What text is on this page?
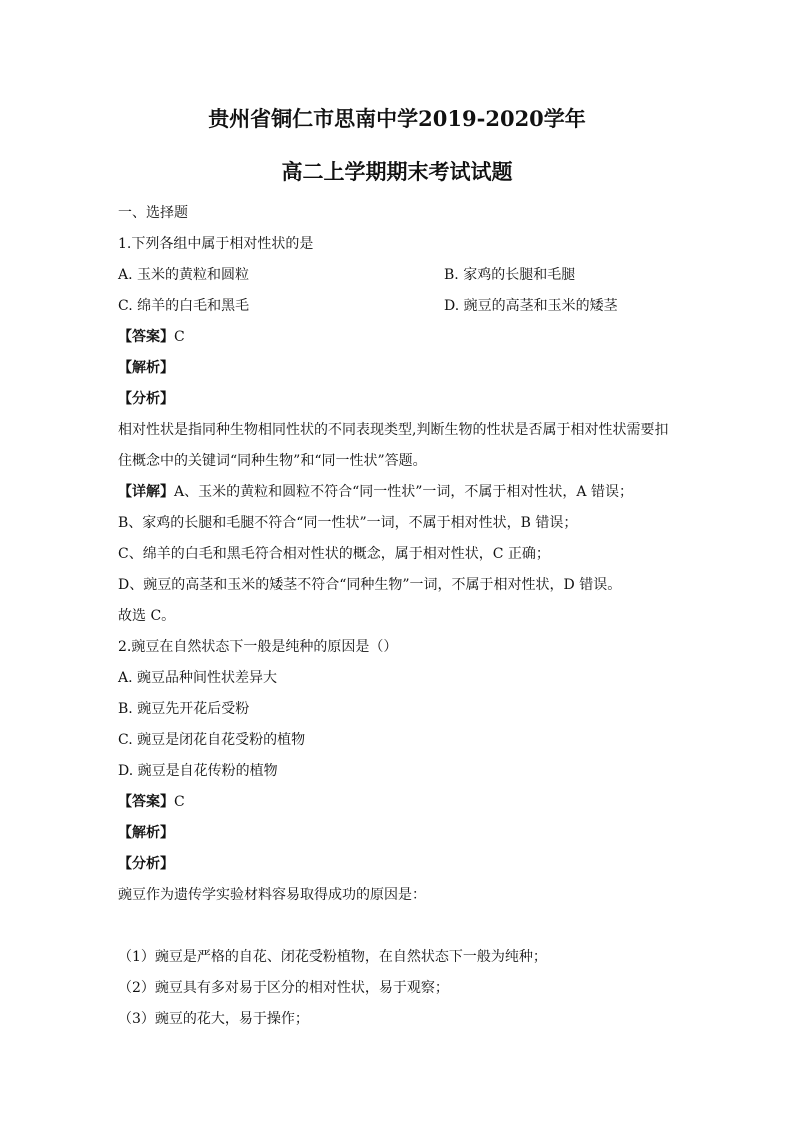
贵州省铜仁市思南中学2019-2020学年
高二上学期期末考试试题

一、选择题

1.下列各组中属于相对性状的是

A. 玉米的黄粒和圆粒	B. 家鸡的长腿和毛腿
C. 绵羊的白毛和黑毛	D. 豌豆的高茎和玉米的矮茎

【答案】C

【解析】

【分析】

相对性状是指同种生物相同性状的不同表现类型,判断生物的性状是否属于相对性状需要扣

住概念中的关键词“同种生物”和“同一性状”答题。

【详解】A、玉米的黄粒和圆粒不符合“同一性状”一词，不属于相对性状，A 错误；

B、家鸡的长腿和毛腿不符合“同一性状”一词，不属于相对性状，B 错误；

C、绵羊的白毛和黑毛符合相对性状的概念，属于相对性状，C 正确；

D、豌豆的高茎和玉米的矮茎不符合“同种生物”一词，不属于相对性状，D 错误。

故选 C。

2.豌豆在自然状态下一般是纯种的原因是（）

A. 豌豆品种间性状差异大

B. 豌豆先开花后受粉

C. 豌豆是闭花自花受粉的植物

D. 豌豆是自花传粉的植物

【答案】C

【解析】

【分析】

豌豆作为遗传学实验材料容易取得成功的原因是：

（1）豌豆是严格的自花、闭花受粉植物，在自然状态下一般为纯种；

（2）豌豆具有多对易于区分的相对性状，易于观察；

（3）豌豆的花大，易于操作；
